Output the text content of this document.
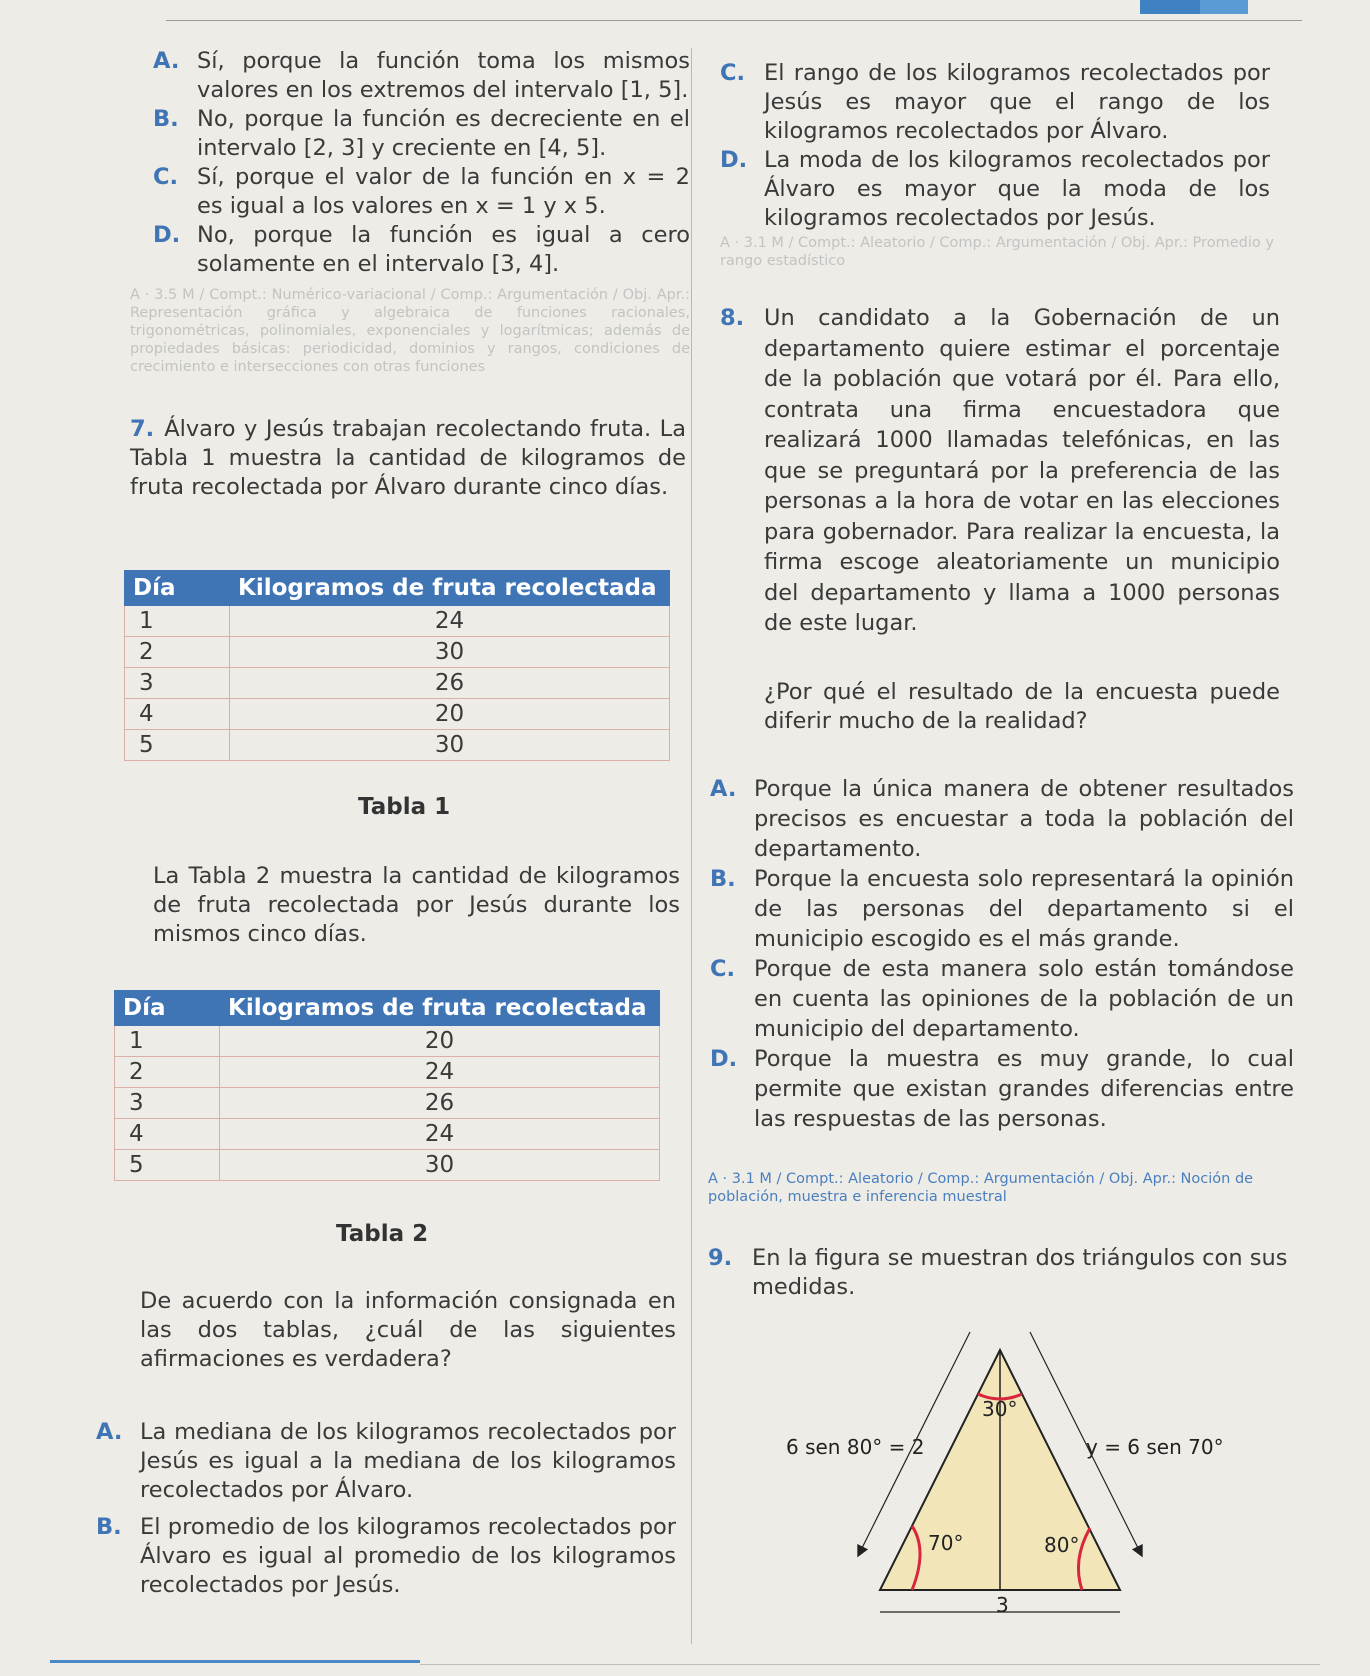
A. Sí, porque la función toma los mismos valores en los extremos del intervalo [1, 5].

B. No, porque la función es decreciente en el intervalo [2, 3] y creciente en [4, 5].

C. Sí, porque el valor de la función en x = 2 es igual a los valores en x = 1 y x 5.

D. No, porque la función es igual a cero solamente en el intervalo [3, 4].

A · 3.5 M / Compt.: Numérico-variacional / Comp.: Argumentación / Obj. Apr.: Representación gráfica y algebraica de funciones racionales, trigonométricas, polinomiales, exponenciales y logarítmicas; además de propiedades básicas: periodicidad, dominios y rangos, condiciones de crecimiento e intersecciones con otras funciones
7. Álvaro y Jesús trabajan recolectando fruta. La Tabla 1 muestra la cantidad de kilogramos de fruta recolectada por Álvaro durante cinco días.
Día	Kilogramos de fruta recolectada
1	24
2	30
3	26
4	20
5	30
Tabla 1
La Tabla 2 muestra la cantidad de kilogramos de fruta recolectada por Jesús durante los mismos cinco días.
Día	Kilogramos de fruta recolectada
1	20
2	24
3	26
4	24
5	30
Tabla 2
De acuerdo con la información consignada en las dos tablas, ¿cuál de las siguientes afirmaciones es verdadera?

A. La mediana de los kilogramos recolectados por Jesús es igual a la mediana de los kilogramos recolectados por Álvaro.

B. El promedio de los kilogramos recolectados por Álvaro es igual al promedio de los kilogramos recolectados por Jesús.

C. El rango de los kilogramos recolectados por Jesús es mayor que el rango de los kilogramos recolectados por Álvaro.

D. La moda de los kilogramos recolectados por Álvaro es mayor que la moda de los kilogramos recolectados por Jesús.

A · 3.1 M / Compt.: Aleatorio / Comp.: Argumentación / Obj. Apr.: Promedio y rango estadístico

8. Un candidato a la Gobernación de un departamento quiere estimar el porcentaje de la población que votará por él. Para ello, contrata una firma encuestadora que realizará 1000 llamadas telefónicas, en las que se preguntará por la preferencia de las personas a la hora de votar en las elecciones para gobernador. Para realizar la encuesta, la firma escoge aleatoriamente un municipio del departamento y llama a 1000 personas de este lugar.

¿Por qué el resultado de la encuesta puede diferir mucho de la realidad?

A. Porque la única manera de obtener resultados precisos es encuestar a toda la población del departamento.

B. Porque la encuesta solo representará la opinión de las personas del departamento si el municipio escogido es el más grande.

C. Porque de esta manera solo están tomándose en cuenta las opiniones de la población de un municipio del departamento.

D. Porque la muestra es muy grande, lo cual permite que existan grandes diferencias entre las respuestas de las personas.

A · 3.1 M / Compt.: Aleatorio / Comp.: Argumentación / Obj. Apr.: Noción de población, muestra e inferencia muestral

9. En la figura se muestran dos triángulos con sus medidas.

30°
6 sen 80° = 2	y = 6 sen 70°
70°	80°
3
